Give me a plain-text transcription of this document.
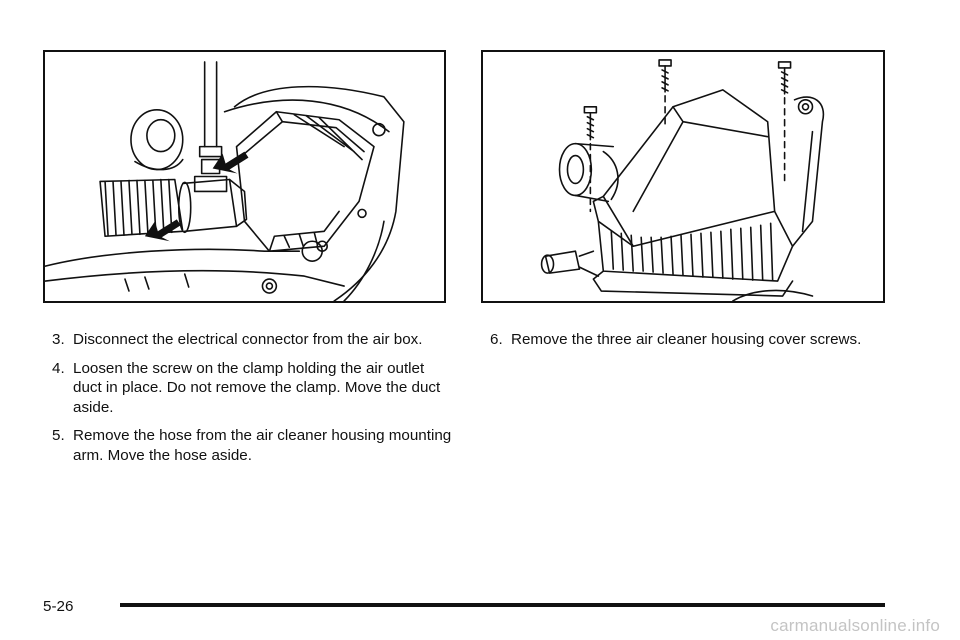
3. Disconnect the electrical connector from the air box.
4. Loosen the screw on the clamp holding the air outlet duct in place. Do not remove the clamp. Move the duct aside.
5. Remove the hose from the air cleaner housing mounting arm. Move the hose aside.
6. Remove the three air cleaner housing cover screws.
5-26
carmanualsonline.info
